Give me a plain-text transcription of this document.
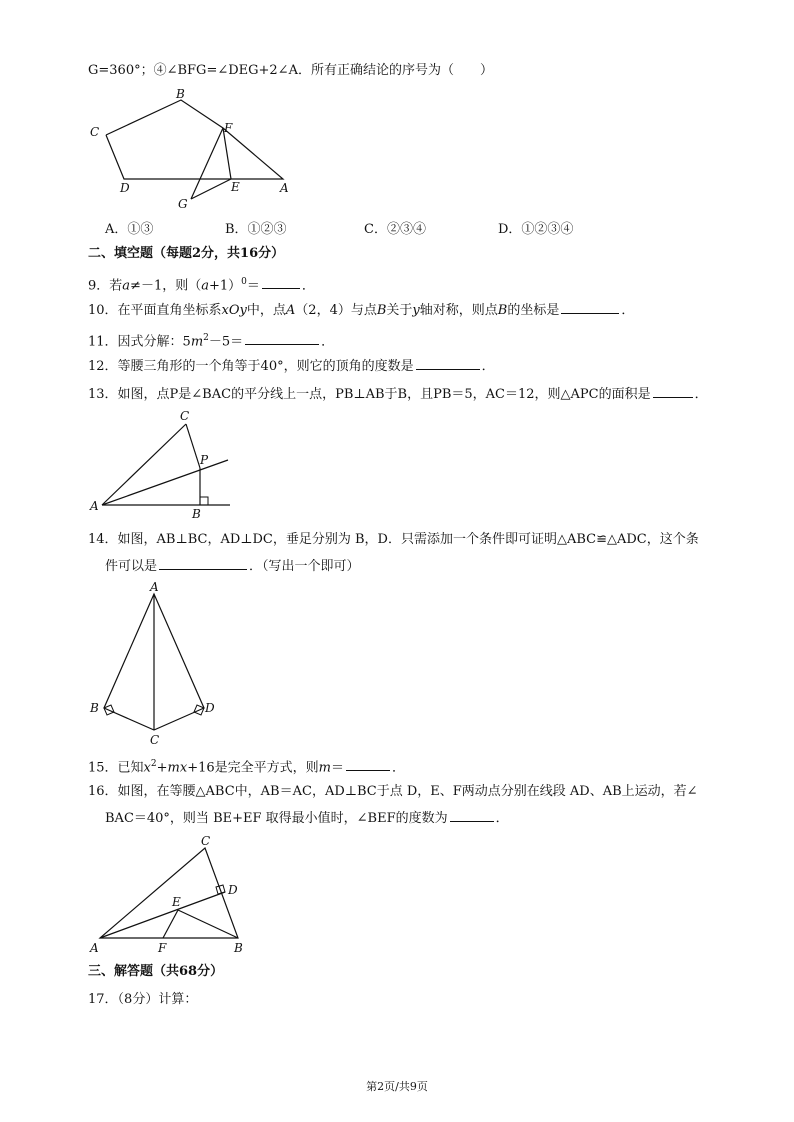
G=360°；④∠BFG=∠DEG+2∠A．所有正确结论的序号为（　　）
B
C
D	A
F
E
G
A．①③	B．①②③	C．②③④	D．①②③④
二、填空题（每题2分，共16分）
9．若a≠－1，则$(a+1)^0=$	．
10．在平面直角坐标系xOy中，点A（2，4）与点B关于y轴对称，则点B的坐标是	．
11．因式分解：$5m^2-5=$	．
12．等腰三角形的一个角等于40°，则它的顶角的度数是	．
13．如图，点P是∠BAC的平分线上一点，PB⊥AB于B，且PB＝5，AC＝12，则△APC的面积是	．
C
P
A
B
14．如图，AB⊥BC，AD⊥DC，垂足分别为 B，D．只需添加一个条件即可证明△ABC≌△ADC，这个条
件可以是	．（写出一个即可）
A
B
C
D
15．已知$x^2+mx+16$是完全平方式，则m＝	．
16．如图，在等腰△ABC中，AB＝AC，AD⊥BC于点 D，E、F两动点分别在线段 AD、AB上运动，若∠
BAC＝40°，则当 BE+EF 取得最小值时，∠BEF的度数为	．
C
D
E
A	F	B
三、解答题（共68分）
17．（8分）计算：
第2页/共9页
